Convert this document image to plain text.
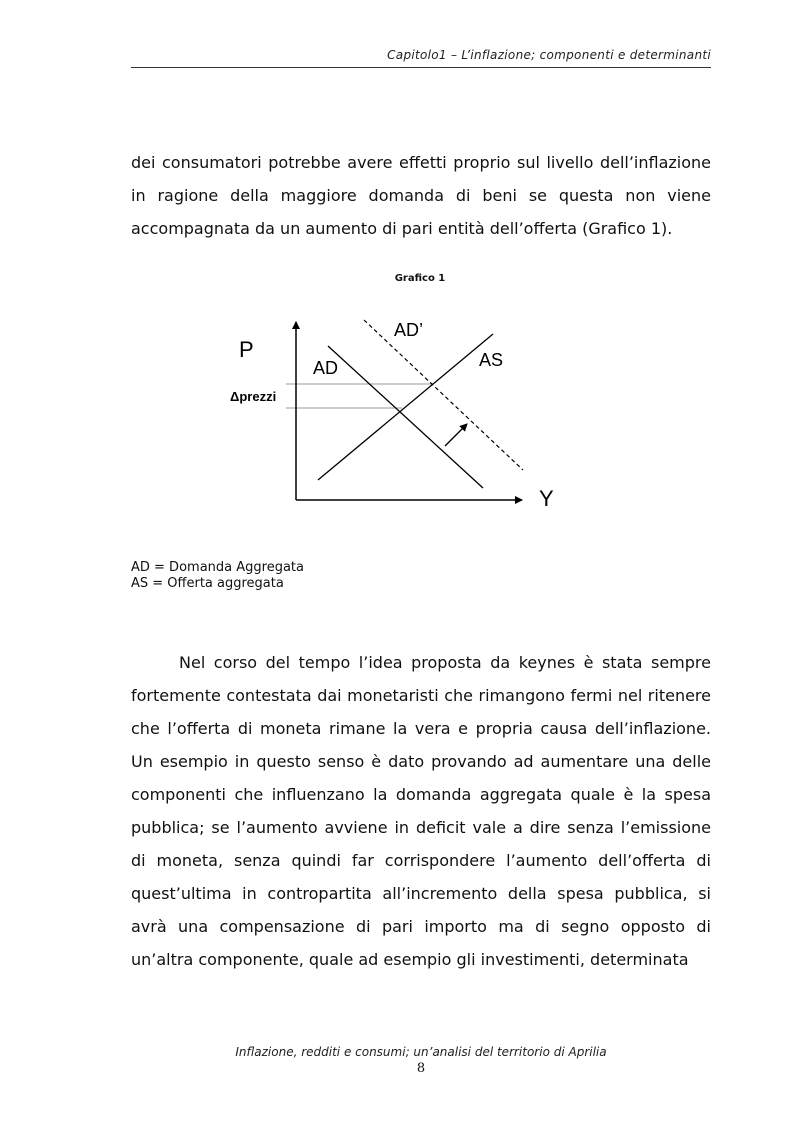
Capitolo1 – L’inflazione; componenti e determinanti

dei consumatori potrebbe avere effetti proprio sul livello dell’inflazione in ragione della maggiore domanda di beni se questa non viene accompagnata da un aumento di pari entità dell’offerta (Grafico 1).

Grafico 1
P
Y
AD
AD’
AS
Δprezzi
AD = Domanda Aggregata
AS = Offerta aggregata

Nel corso del tempo l’idea proposta da keynes è stata sempre fortemente contestata dai monetaristi che rimangono fermi nel ritenere che l’offerta di moneta rimane la vera e propria causa dell’inflazione. Un esempio in questo senso è dato provando ad aumentare una delle componenti che influenzano la domanda aggregata quale è la spesa pubblica; se l’aumento avviene in deficit vale a dire senza l’emissione di moneta, senza quindi far corrispondere l’aumento dell’offerta di quest’ultima in contropartita all’incremento della spesa pubblica, si avrà una compensazione di pari importo ma di segno opposto di un’altra componente, quale ad esempio gli investimenti, determinata

Inflazione, redditi e consumi; un’analisi del territorio di Aprilia
8
